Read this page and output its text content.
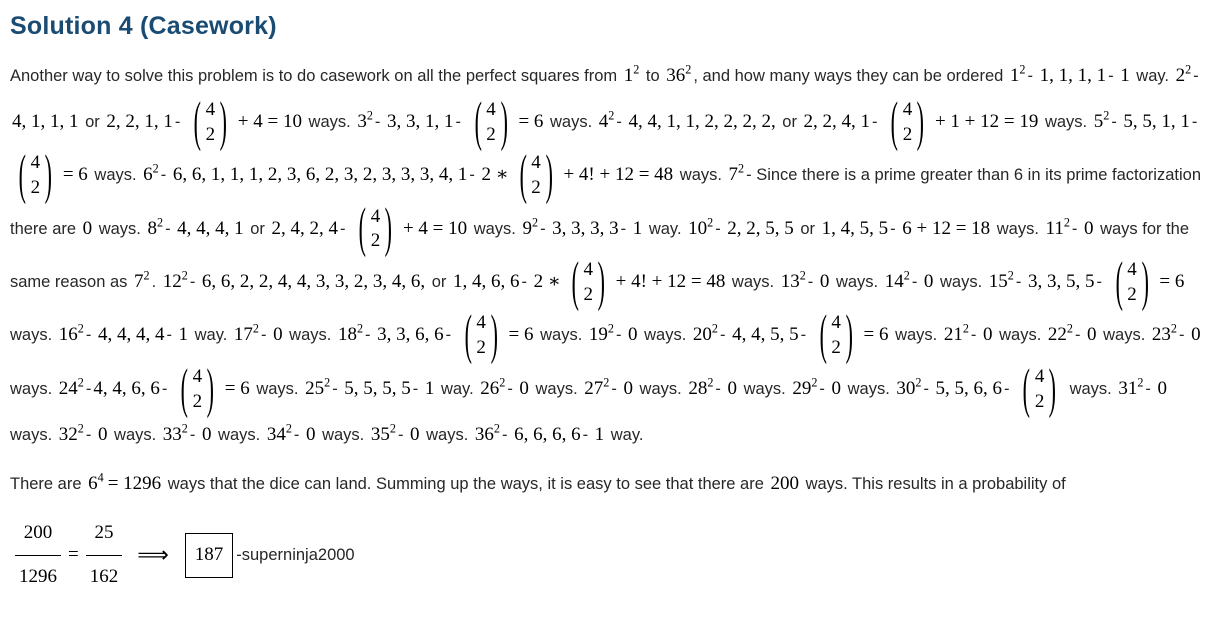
Solution 4 (Casework)

Another way to solve this problem is to do casework on all the perfect squares from $1^2$ to $36^2$ , and how many ways they can be ordered $1^2 - 1$, 1, 1, 1 - 1 way. $2^2 - 4$, 1, 1, 1 or 2, 2, 1, 1 - ( 4
2 ) + 4 = 10 ways. $3^2 - 3$, 3, 1, 1 - ( 4
2 ) = 6 ways. $4^2 - 4$, 4, 1, 1, 2, 2, 2, 2, or 2, 2, 4, 1 - ( 4
2 ) + 1 + 12 = 19 ways. $5^2 - 5$, 5, 1, 1 -
( 4
2 ) = 6 ways. $6^2 - 6$, 6, 1, 1, 1, 2, 3, 6, 2, 3, 2, 3, 3, 3, 4, 1 - 2 ∗ ( 4
2 ) + 4! + 12 = 48 ways. $7^2$ - Since there is a prime greater than 6 in its prime factorization there are 0 ways. $8^2 - 4$, 4, 4, 1 or 2, 4, 2, 4 - ( 4
2 ) + 4 = 10 ways. $9^2 - 3$, 3, 3, 3 - 1 way. $10^2 - 2$, 2, 5, 5 or 1, 4, 5, 5 - 6 + 12 = 18 ways. $11^2 - 0$ ways for the same reason as $7^2$ . $12^2 - 6$, 6, 2, 2, 4, 4, 3, 3, 2, 3, 4, 6, or 1, 4, 6, 6 - 2 ∗ ( 4
2 ) + 4! + 12 = 48 ways. $13^2 - 0$ ways. $14^2 - 0$ ways. $15^2 - 3$, 3, 5, 5 - ( 4
2 ) = 6 ways. $16^2 - 4$, 4, 4, 4 - 1 way. $17^2 - 0$ ways. $18^2 - 3$, 3, 6, 6 - ( 4
2 ) = 6 ways. $19^2 - 0$ ways. $20^2 - 4$, 4, 5, 5 - ( 4
2 ) = 6 ways. $21^2 - 0$ ways. $22^2 - 0$ ways. $23^2 - 0$ ways. $24^2 - 4$, 4, 6, 6 - ( 4
2 ) = 6 ways. $25^2 - 5$, 5, 5, 5 - 1 way. $26^2 - 0$ ways. $27^2 - 0$ ways. $28^2 - 0$ ways. $29^2 - 0$ ways. $30^2 - 5$, 5, 6, 6 - ( 4
2 ) ways. $31^2 - 0$ ways. $32^2 - 0$ ways. $33^2 - 0$ ways. $34^2 - 0$ ways. $35^2 - 0$ ways. $36^2 - 6$, 6, 6, 6 - 1 way.

There are $6^4 = 1296$ ways that the dice can land. Summing up the ways, it is easy to see that there are 200 ways. This results in a probability of

$\frac{200}{1296} = \frac{25}{162}$ ⟹ 187 -superninja2000
